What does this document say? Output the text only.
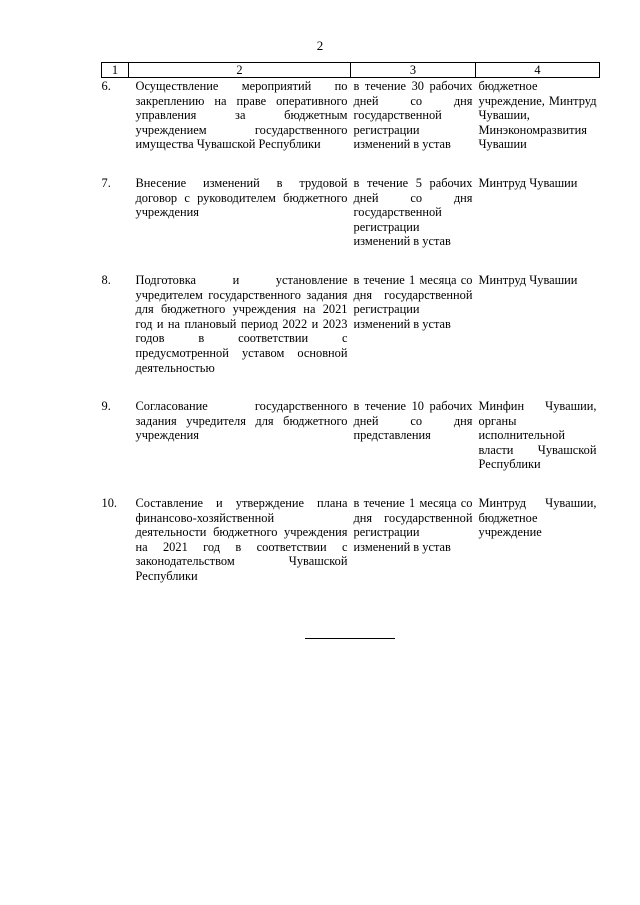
2
1	2	3	4
6.	Осуществление мероприятий по закреплению на праве оперативного управления за бюджетным учреждением государственного имущества Чувашской Республики	в течение 30 рабочих дней со дня государственной регистрации изменений в устав	бюджетное учреждение, Минтруд Чувашии, Минэкономразвития Чувашии
7.	Внесение изменений в трудовой договор с руководителем бюджетного учреждения	в течение 5 рабочих дней со дня государственной регистрации изменений в устав	Минтруд Чувашии
8.	Подготовка и установление учредителем государственного задания для бюджетного учреждения на 2021 год и на плановый период 2022 и 2023 годов в соответствии с предусмотренной уставом основной деятельностью	в течение 1 месяца со дня государственной регистрации изменений в устав	Минтруд Чувашии
9.	Согласование государственного задания учредителя для бюджетного учреждения	в течение 10 рабочих дней со дня представления	Минфин Чувашии, органы исполнительной власти Чувашской Республики
10.	Составление и утверждение плана финансово-хозяйственной деятельности бюджетного учреждения на 2021 год в соответствии с законодательством Чувашской Республики	в течение 1 месяца со дня государственной регистрации изменений в устав	Минтруд Чувашии, бюджетное учреждение
